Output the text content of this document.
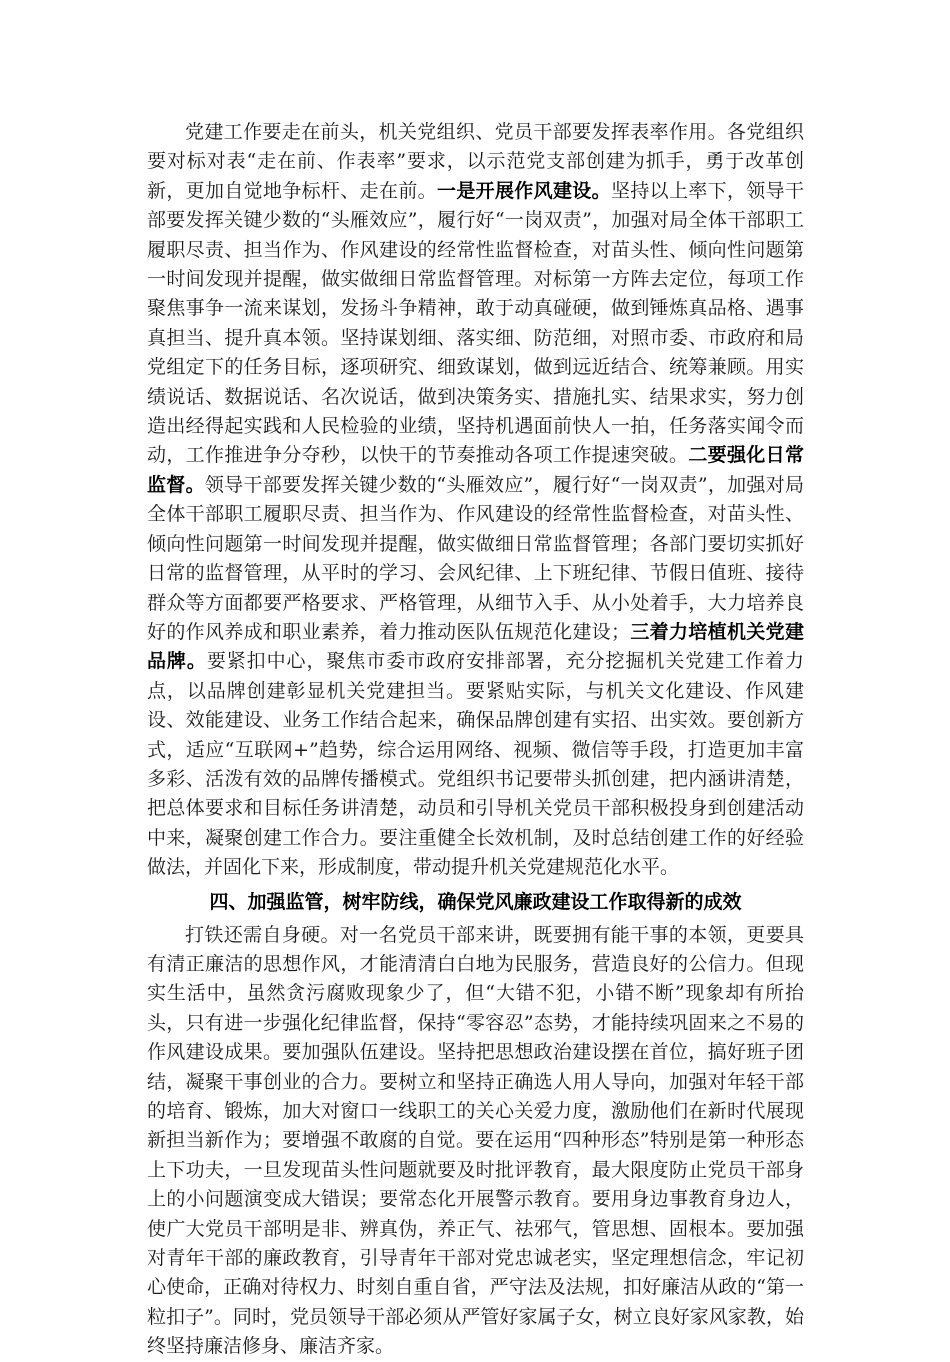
党建工作要走在前头，机关党组织、党员干部要发挥表率作用。各党组织要对标对表“走在前、作表率”要求，以示范党支部创建为抓手，勇于改革创新，更加自觉地争标杆、走在前。一是开展作风建设。坚持以上率下，领导干部要发挥关键少数的“头雁效应”，履行好“一岗双责”，加强对局全体干部职工履职尽责、担当作为、作风建设的经常性监督检查，对苗头性、倾向性问题第一时间发现并提醒，做实做细日常监督管理。对标第一方阵去定位，每项工作聚焦事争一流来谋划，发扬斗争精神，敢于动真碰硬，做到锤炼真品格、遇事真担当、提升真本领。坚持谋划细、落实细、防范细，对照市委、市政府和局党组定下的任务目标，逐项研究、细致谋划，做到远近结合、统筹兼顾。用实绩说话、数据说话、名次说话，做到决策务实、措施扎实、结果求实，努力创造出经得起实践和人民检验的业绩，坚持机遇面前快人一拍，任务落实闻令而动，工作推进争分夺秒，以快干的节奏推动各项工作提速突破。二要强化日常监督。领导干部要发挥关键少数的“头雁效应”，履行好“一岗双责”，加强对局全体干部职工履职尽责、担当作为、作风建设的经常性监督检查，对苗头性、倾向性问题第一时间发现并提醒，做实做细日常监督管理；各部门要切实抓好日常的监督管理，从平时的学习、会风纪律、上下班纪律、节假日值班、接待群众等方面都要严格要求、严格管理，从细节入手、从小处着手，大力培养良好的作风养成和职业素养，着力推动医队伍规范化建设；三着力培植机关党建品牌。要紧扣中心，聚焦市委市政府安排部署，充分挖掘机关党建工作着力点，以品牌创建彰显机关党建担当。要紧贴实际，与机关文化建设、作风建设、效能建设、业务工作结合起来，确保品牌创建有实招、出实效。要创新方式，适应“互联网+”趋势，综合运用网络、视频、微信等手段，打造更加丰富多彩、活泼有效的品牌传播模式。党组织书记要带头抓创建，把内涵讲清楚，把总体要求和目标任务讲清楚，动员和引导机关党员干部积极投身到创建活动中来，凝聚创建工作合力。要注重健全长效机制，及时总结创建工作的好经验做法，并固化下来，形成制度，带动提升机关党建规范化水平。

四、加强监管，树牢防线，确保党风廉政建设工作取得新的成效

打铁还需自身硬。对一名党员干部来讲，既要拥有能干事的本领，更要具有清正廉洁的思想作风，才能清清白白地为民服务，营造良好的公信力。但现实生活中，虽然贪污腐败现象少了，但“大错不犯，小错不断”现象却有所抬头，只有进一步强化纪律监督，保持“零容忍”态势，才能持续巩固来之不易的作风建设成果。要加强队伍建设。坚持把思想政治建设摆在首位，搞好班子团结，凝聚干事创业的合力。要树立和坚持正确选人用人导向，加强对年轻干部的培育、锻炼，加大对窗口一线职工的关心关爱力度，激励他们在新时代展现新担当新作为；要增强不敢腐的自觉。要在运用“四种形态”特别是第一种形态上下功夫，一旦发现苗头性问题就要及时批评教育，最大限度防止党员干部身上的小问题演变成大错误；要常态化开展警示教育。要用身边事教育身边人，使广大党员干部明是非、辨真伪，养正气、祛邪气，管思想、固根本。要加强对青年干部的廉政教育，引导青年干部对党忠诚老实，坚定理想信念，牢记初心使命，正确对待权力、时刻自重自省，严守法及法规，扣好廉洁从政的“第一粒扣子”。同时，党员领导干部必须从严管好家属子女，树立良好家风家教，始终坚持廉洁修身、廉洁齐家。
